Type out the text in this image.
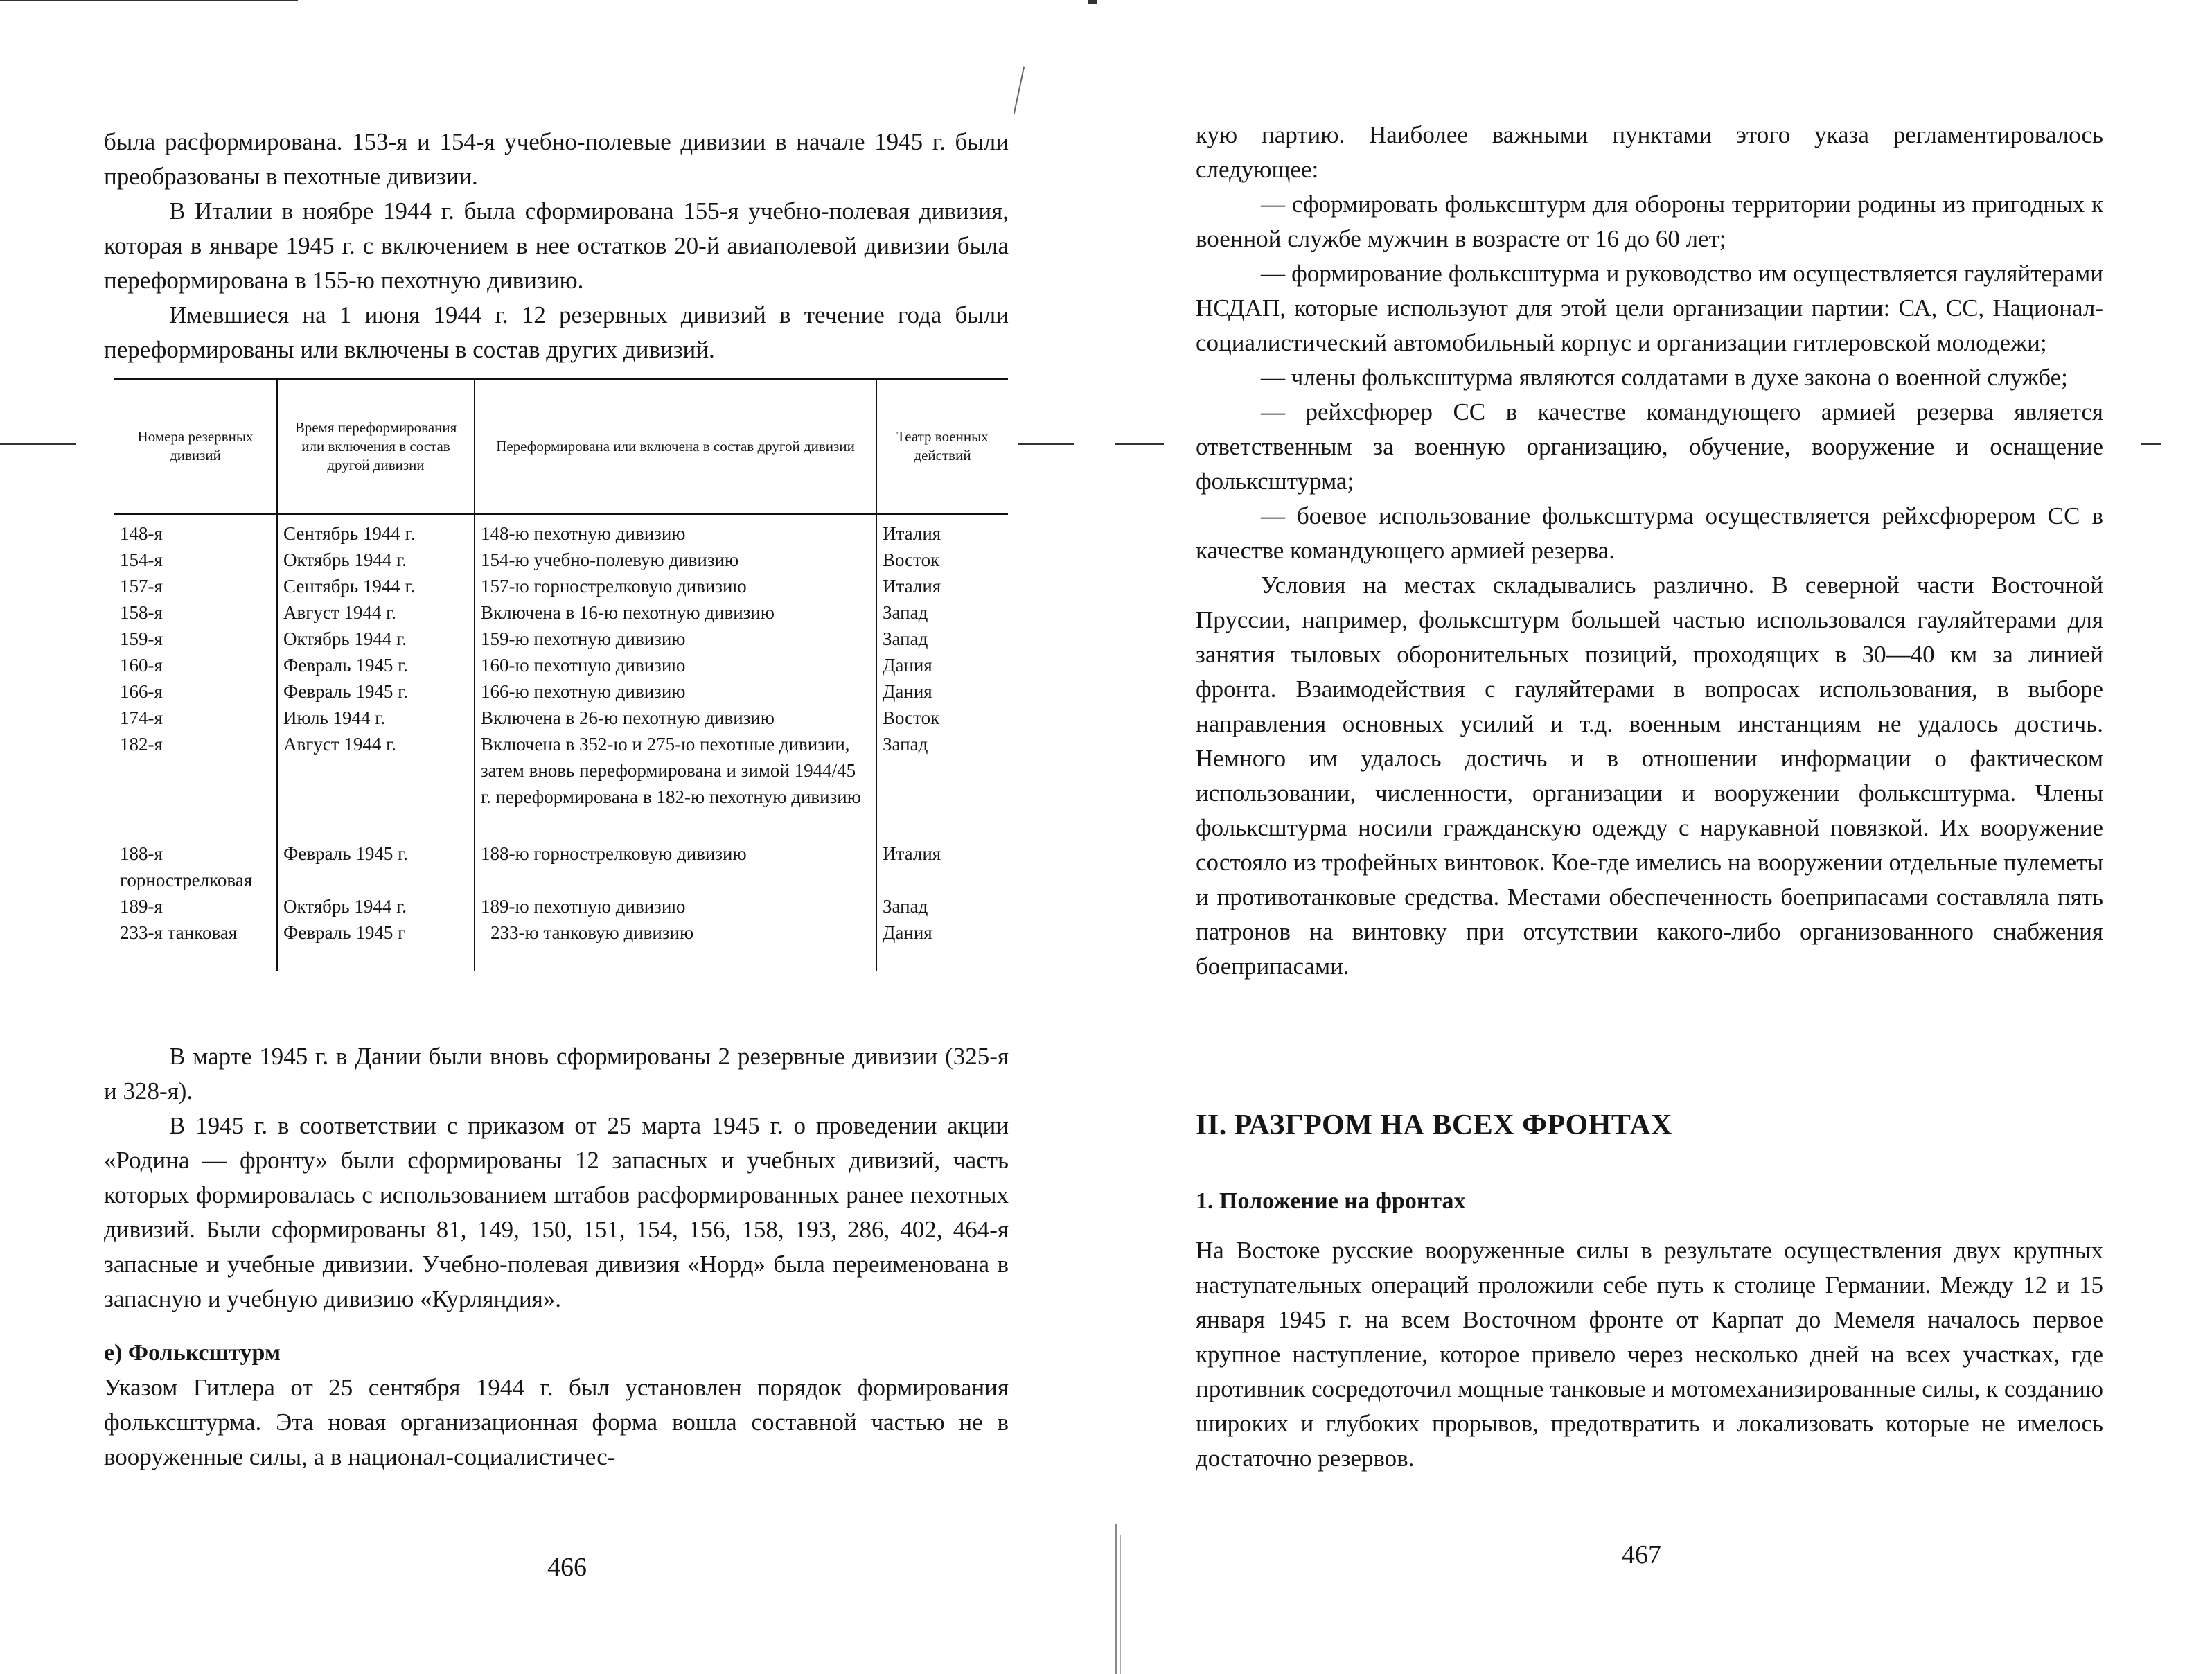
была расформирована. 153-я и 154-я учебно-полевые дивизии в начале 1945 г. были преобразованы в пехотные дивизии.

В Италии в ноябре 1944 г. была сформирована 155-я учебно-полевая дивизия, которая в январе 1945 г. с включением в нее остатков 20-й авиаполевой дивизии была переформирована в 155-ю пехотную дивизию.

Имевшиеся на 1 июня 1944 г. 12 резервных дивизий в течение года были переформированы или включены в состав других дивизий.

Номера резервных дивизий	Время переформирования или включения в состав другой дивизии	Переформирована или включена в состав другой дивизии	Театр военных действий
148-я	Сентябрь 1944 г.	148-ю пехотную дивизию	Италия
154-я	Октябрь 1944 г.	154-ю учебно-полевую дивизию	Восток
157-я	Сентябрь 1944 г.	157-ю горнострелковую дивизию	Италия
158-я	Август 1944 г.	Включена в 16-ю пехотную дивизию	Запад
159-я	Октябрь 1944 г.	159-ю пехотную дивизию	Запад
160-я	Февраль 1945 г.	160-ю пехотную дивизию	Дания
166-я	Февраль 1945 г.	166-ю пехотную дивизию	Дания
174-я	Июль 1944 г.	Включена в 26-ю пехотную дивизию	Восток
182-я	Август 1944 г.	Включена в 352-ю и 275-ю пехотные дивизии, затем вновь переформирована и зимой 1944/45 г. переформирована в 182-ю пехотную дивизию	Запад
188-я горнострелковая	Февраль 1945 г.	188-ю горнострелковую дивизию	Италия
189-я	Октябрь 1944 г.	189-ю пехотную дивизию	Запад
233-я танковая	Февраль 1945 г	233-ю танковую дивизию	Дания

В марте 1945 г. в Дании были вновь сформированы 2 резервные дивизии (325-я и 328-я).

В 1945 г. в соответствии с приказом от 25 марта 1945 г. о проведении акции «Родина — фронту» были сформированы 12 запасных и учебных дивизий, часть которых формировалась с использованием штабов расформированных ранее пехотных дивизий. Были сформированы 81, 149, 150, 151, 154, 156, 158, 193, 286, 402, 464-я запасные и учебные дивизии. Учебно-полевая дивизия «Норд» была переименована в запасную и учебную дивизию «Курляндия».

е) Фольксштурм

Указом Гитлера от 25 сентября 1944 г. был установлен порядок формирования фольксштурма. Эта новая организационная форма вошла составной частью не в вооруженные силы, а в национал-социалистичес-

466

кую партию. Наиболее важными пунктами этого указа регламентировалось следующее:

— сформировать фольксштурм для обороны территории родины из пригодных к военной службе мужчин в возрасте от 16 до 60 лет;

— формирование фольксштурма и руководство им осуществляется гауляйтерами НСДАП, которые используют для этой цели организации партии: СА, СС, Национал-социалистический автомобильный корпус и организации гитлеровской молодежи;

— члены фольксштурма являются солдатами в духе закона о военной службе;

— рейхсфюрер СС в качестве командующего армией резерва является ответственным за военную организацию, обучение, вооружение и оснащение фольксштурма;

— боевое использование фольксштурма осуществляется рейхсфюрером СС в качестве командующего армией резерва.

Условия на местах складывались различно. В северной части Восточной Пруссии, например, фольксштурм большей частью использовался гауляйтерами для занятия тыловых оборонительных позиций, проходящих в 30—40 км за линией фронта. Взаимодействия с гауляйтерами в вопросах использования, в выборе направления основных усилий и т.д. военным инстанциям не удалось достичь. Немного им удалось достичь и в отношении информации о фактическом использовании, численности, организации и вооружении фольксштурма. Члены фольксштурма носили гражданскую одежду с нарукавной повязкой. Их вооружение состояло из трофейных винтовок. Кое-где имелись на вооружении отдельные пулеметы и противотанковые средства. Местами обеспеченность боеприпасами составляла пять патронов на винтовку при отсутствии какого-либо организованного снабжения боеприпасами.

II. РАЗГРОМ НА ВСЕХ ФРОНТАХ
1. Положение на фронтах

На Востоке русские вооруженные силы в результате осуществления двух крупных наступательных операций проложили себе путь к столице Германии. Между 12 и 15 января 1945 г. на всем Восточном фронте от Карпат до Мемеля началось первое крупное наступление, которое привело через несколько дней на всех участках, где противник сосредоточил мощные танковые и мотомеханизированные силы, к созданию широких и глубоких прорывов, предотвратить и локализовать которые не имелось достаточно резервов.

467
